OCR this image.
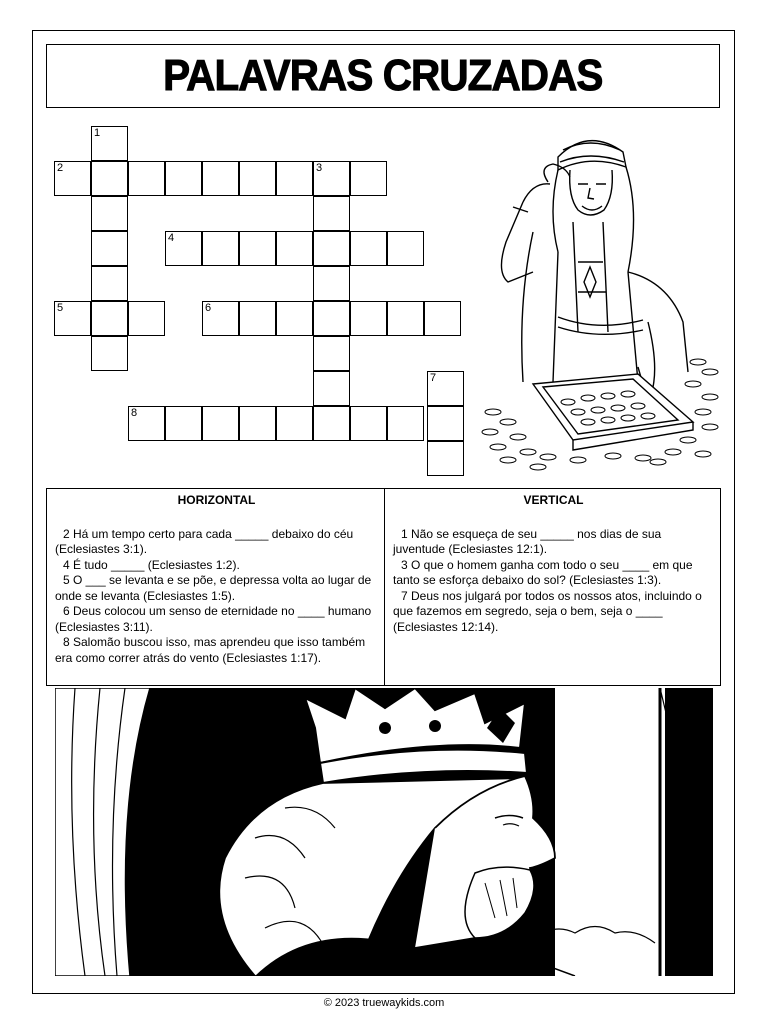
PALAVRAS CRUZADAS
1
2	3
4
5	6
7
8
HORIZONTAL

2 Há um tempo certo para cada _____ debaixo do céu (Eclesiastes 3:1).

4 É tudo _____ (Eclesiastes 1:2).

5 O ___ se levanta e se põe, e depressa volta ao lugar de onde se levanta (Eclesiastes 1:5).

6 Deus colocou um senso de eternidade no ____ humano (Eclesiastes 3:11).

8 Salomão buscou isso, mas aprendeu que isso também era como correr atrás do vento (Eclesiastes 1:17).

VERTICAL

1 Não se esqueça de seu _____ nos dias de sua juventude (Eclesiastes 12:1).

3 O que o homem ganha com todo o seu ____ em que tanto se esforça debaixo do sol? (Eclesiastes 1:3).

7 Deus nos julgará por todos os nossos atos, incluindo o que fazemos em segredo, seja o bem, seja o ____ (Eclesiastes 12:14).

© 2023 truewaykids.com
